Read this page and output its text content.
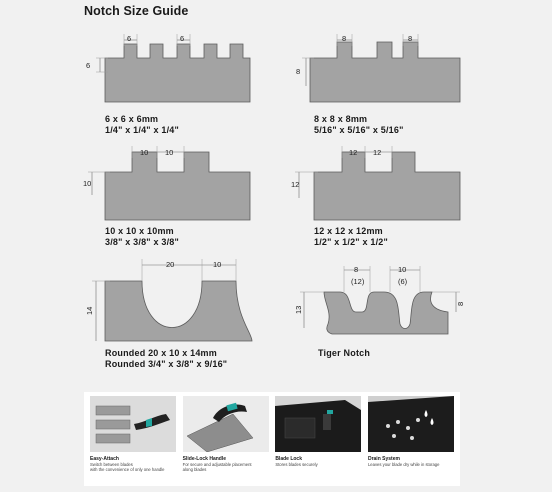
Notch Size Guide
6	6
6
6 x 6 x 6mm
1/4" x 1/4" x 1/4"
8	8
8
8 x 8 x 8mm
5/16" x 5/16" x 5/16"
10 10
10
10 x 10 x 10mm
3/8" x 3/8" x 3/8"
12 12
12
12 x 12 x 12mm
1/2" x 1/2" x 1/2"
20	10
14
Rounded 20 x 10 x 14mm
Rounded 3/4" x 3/8" x 9/16"
8
(12)
10
(6)
13
8
Tiger Notch
Easy-Attach
Switch between blades
with the convenience of only one handle
Slide-Lock Handle
For secure and adjustable placement
along blades
Blade Lock
Stores blades securely
Drain System
Leaves your blade dry while in storage
